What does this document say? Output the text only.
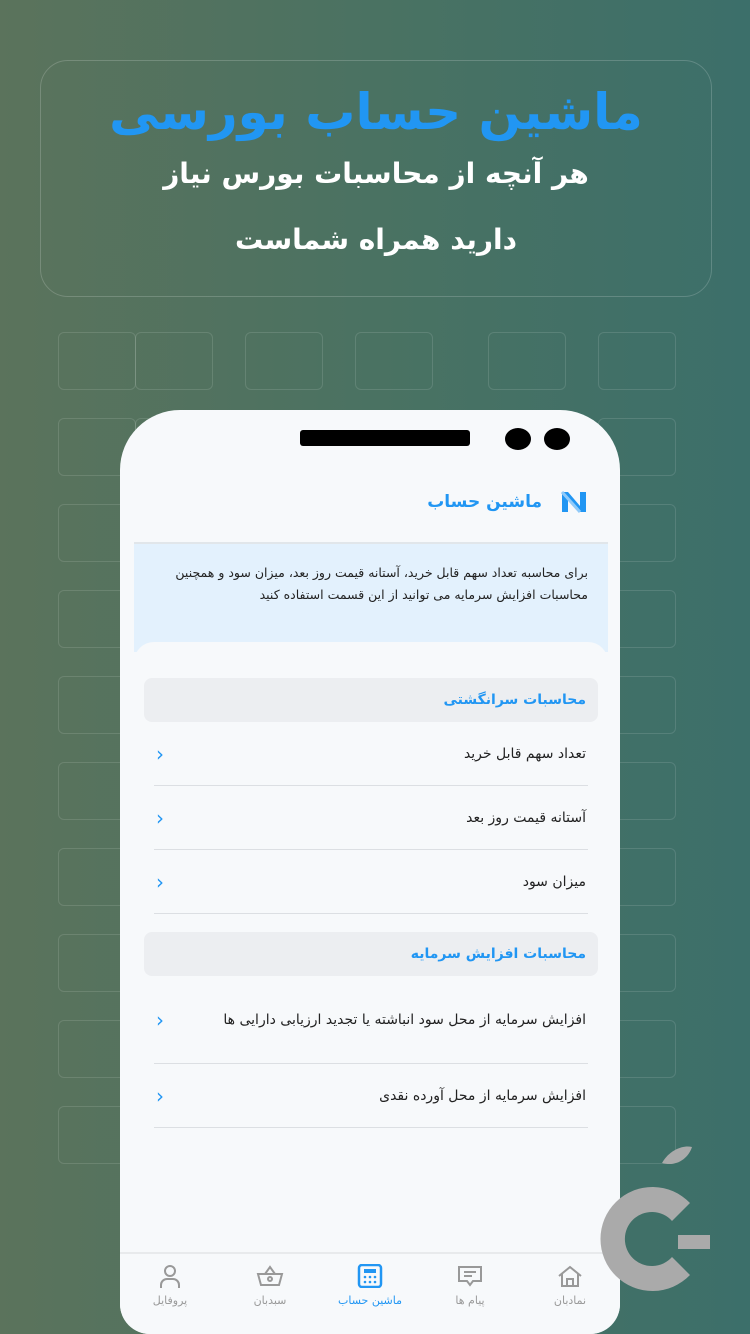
ماشین حساب بورسی

هر آنچه از محاسبات بورس نیاز

دارید همراه شماست

ماشین حساب
برای محاسبه تعداد سهم قابل خرید، آستانه قیمت روز بعد، میزان سود و همچنین محاسبات افزایش سرمایه می توانید از این قسمت استفاده کنید
محاسبات سرانگشتی
تعداد سهم قابل خرید
›
آستانه قیمت روز بعد
›
میزان سود
›
محاسبات افزایش سرمایه
افزایش سرمایه از محل سود انباشته یا تجدید ارزیابی دارایی ها
›
افزایش سرمایه از محل آورده نقدی
›
نمادبان
پیام ها
ماشین حساب
سبدبان
پروفایل
